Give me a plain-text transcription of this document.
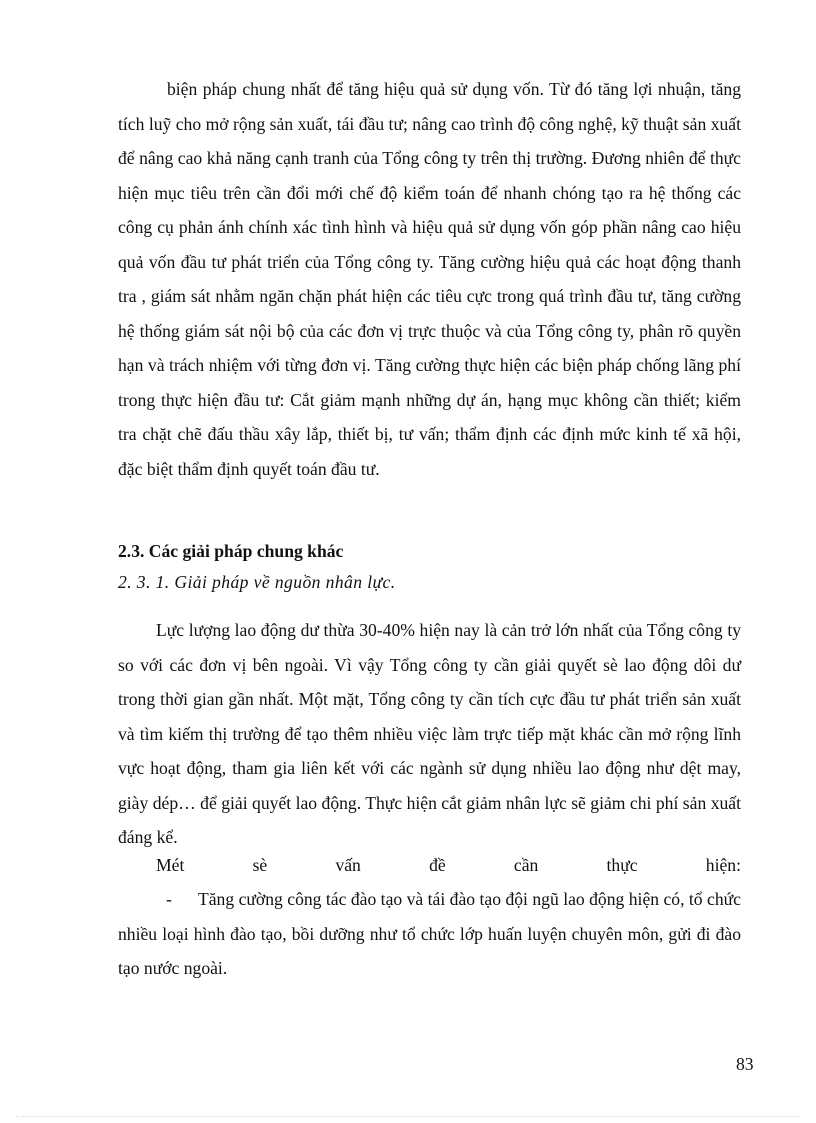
biện pháp chung nhất để tăng hiệu quả sử dụng vốn. Từ đó tăng lợi nhuận, tăng tích luỹ cho mở rộng sản xuất, tái đầu tư; nâng cao trình độ công nghệ, kỹ thuật sản xuất để nâng cao khả năng cạnh tranh của Tổng công ty trên thị trường. Đương nhiên để thực hiện mục tiêu trên cần đổi mới chế độ kiểm toán để nhanh chóng tạo ra hệ thống các công cụ phản ánh chính xác tình hình và hiệu quả sử dụng vốn góp phần nâng cao hiệu quả vốn đầu tư phát triển của Tổng công ty. Tăng cường hiệu quả các hoạt động thanh tra , giám sát nhằm ngăn chặn phát hiện các tiêu cực trong quá trình đầu tư, tăng cường hệ thống giám sát nội bộ của các đơn vị trực thuộc và của Tổng công ty, phân rõ quyền hạn và trách nhiệm với từng đơn vị. Tăng cường thực hiện các biện pháp chống lãng phí trong thực hiện đầu tư: Cắt giảm mạnh những dự án, hạng mục không cần thiết; kiểm tra chặt chẽ đấu thầu xây lắp, thiết bị, tư vấn; thẩm định các định mức kinh tế xã hội, đặc biệt thẩm định quyết toán đầu tư.

2.3. Các giải pháp chung khác

2. 3. 1. Giải pháp về nguồn nhân lực.

Lực lượng lao động dư thừa 30-40% hiện nay là cản trở lớn nhất của Tổng công ty so với các đơn vị bên ngoài. Vì vậy Tổng công ty cần giải quyết sè lao động dôi dư trong thời gian gần nhất. Một mặt, Tổng công ty cần tích cực đầu tư phát triển sản xuất và tìm kiếm thị trường để tạo thêm nhiều việc làm trực tiếp mặt khác cần mở rộng lĩnh vực hoạt động, tham gia liên kết với các ngành sử dụng nhiều lao động như dệt may, giày dép… để giải quyết lao động. Thực hiện cắt giảm nhân lực sẽ giảm chi phí sản xuất đáng kể.

Mét	sè	vấn	đề	cần	thực	hiện:
-	Tăng cường công tác đào tạo và tái đào tạo đội ngũ lao động hiện có, tổ chức nhiều loại hình đào tạo, bồi dưỡng như tổ chức lớp huấn luyện chuyên môn, gửi đi đào tạo nước ngoài.

83
